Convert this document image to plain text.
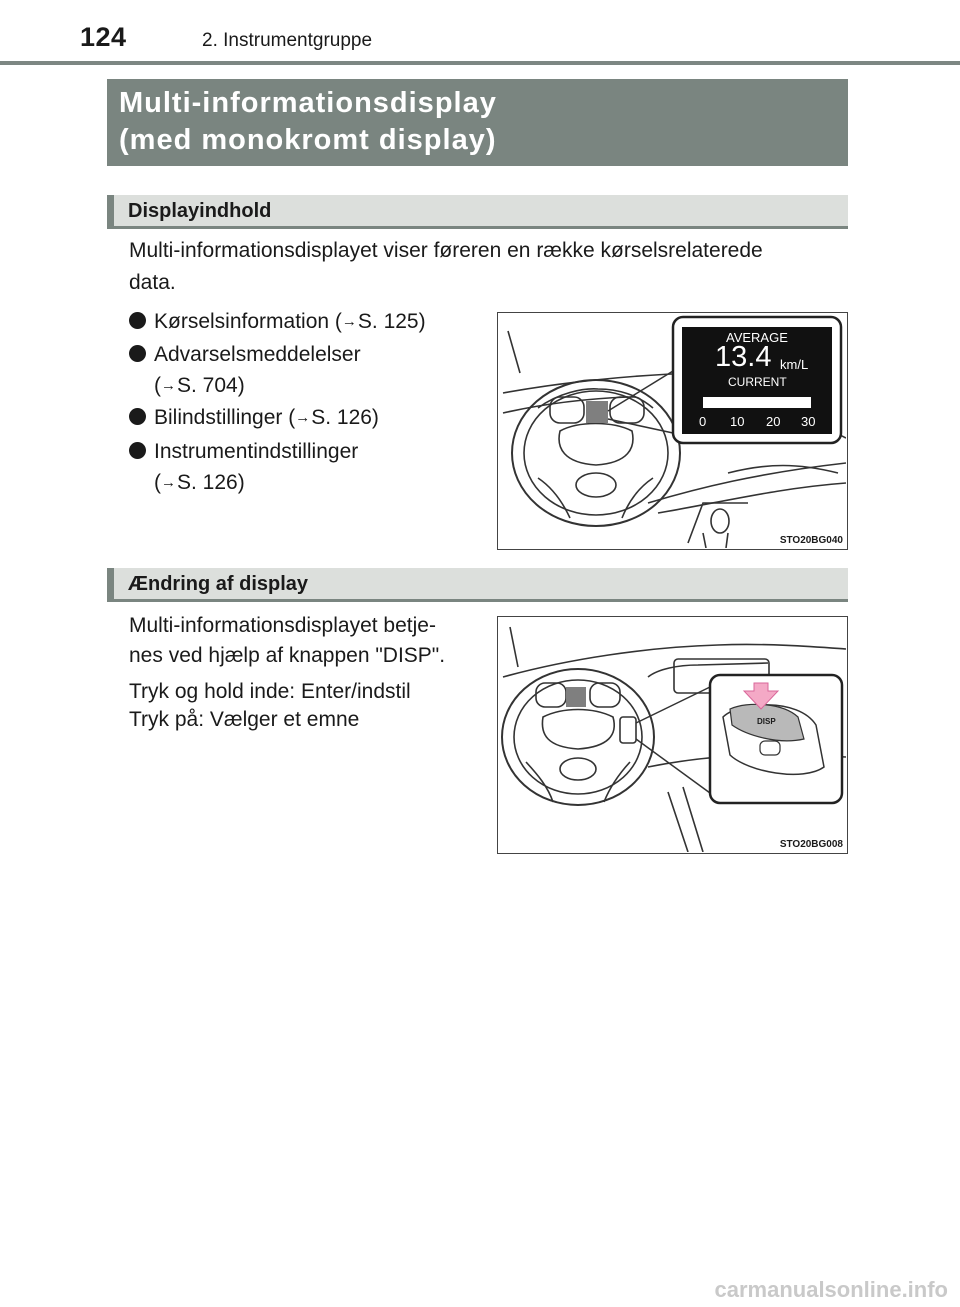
124	2. Instrumentgruppe
Multi-informationsdisplay
(med monokromt display)
Displayindhold
Multi-informationsdisplayet viser føreren en række kørselsrelaterede
data.
Kørselsinformation (→S. 125)
Advarselsmeddelelser
(→S. 704)
Bilindstillinger (→S. 126)
Instrumentindstillinger
(→S. 126)
AVERAGE
13.4 km/L
CURRENT
0 10 20 30
STO20BG040
Ændring af display
Multi-informationsdisplayet betje-
nes ved hjælp af knappen "DISP".
Tryk og hold inde: Enter/indstil
Tryk på: Vælger et emne	DISP
STO20BG008
carmanualsonline.info
